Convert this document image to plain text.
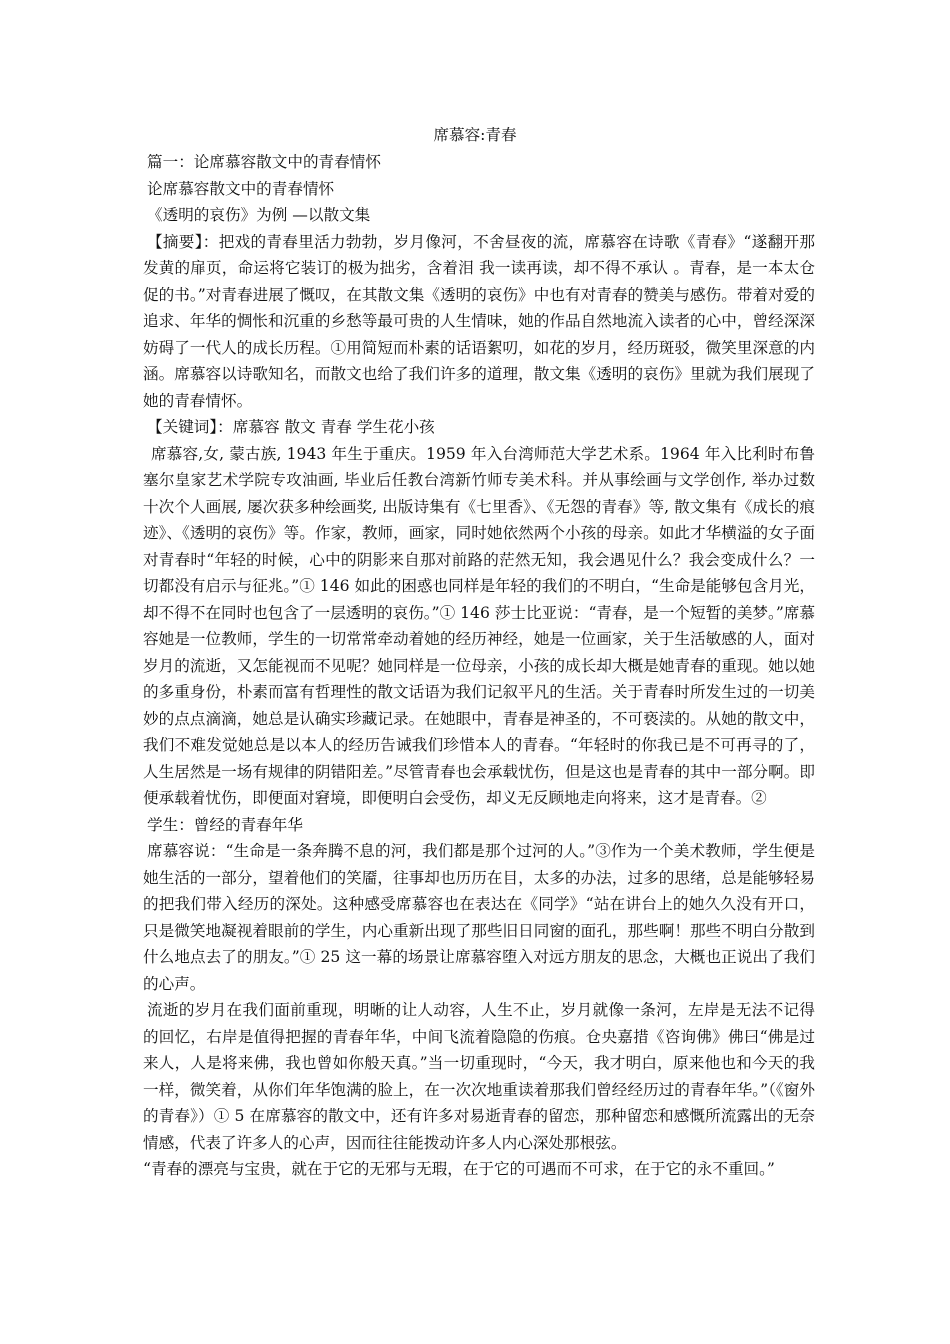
席慕容:青春

篇一：论席慕容散文中的青春情怀

论席慕容散文中的青春情怀

《透明的哀伤》为例 —以散文集

【摘要】：把戏的青春里活力勃勃，岁月像河，不舍昼夜的流，席慕容在诗歌《青春》“遂翻开那发黄的扉页，命运将它装订的极为拙劣，含着泪 我一读再读，却不得不承认 。青春，是一本太仓促的书。”对青春进展了慨叹，在其散文集《透明的哀伤》中也有对青春的赞美与感伤。带着对爱的追求、年华的惆怅和沉重的乡愁等最可贵的人生情味，她的作品自然地流入读者的心中，曾经深深妨碍了一代人的成长历程。①用简短而朴素的话语絮叨，如花的岁月，经历斑驳，微笑里深意的内涵。席慕容以诗歌知名，而散文也给了我们许多的道理，散文集《透明的哀伤》里就为我们展现了她的青春情怀。

【关键词】：席慕容 散文 青春 学生花小孩

席慕容,女, 蒙古族, 1943 年生于重庆。1959 年入台湾师范大学艺术系。1964 年入比利时布鲁塞尔皇家艺术学院专攻油画, 毕业后任教台湾新竹师专美术科。并从事绘画与文学创作, 举办过数十次个人画展, 屡次获多种绘画奖, 出版诗集有《七里香》、《无怨的青春》等, 散文集有《成长的痕迹》、《透明的哀伤》等。作家，教师，画家，同时她依然两个小孩的母亲。如此才华横溢的女子面对青春时“年轻的时候，心中的阴影来自那对前路的茫然无知，我会遇见什么？我会变成什么？一切都没有启示与征兆。”① 146 如此的困惑也同样是年轻的我们的不明白，“生命是能够包含月光，却不得不在同时也包含了一层透明的哀伤。”① 146 莎士比亚说：“青春，是一个短暂的美梦。”席慕容她是一位教师，学生的一切常常牵动着她的经历神经，她是一位画家，关于生活敏感的人，面对岁月的流逝，又怎能视而不见呢？她同样是一位母亲，小孩的成长却大概是她青春的重现。她以她的多重身份，朴素而富有哲理性的散文话语为我们记叙平凡的生活。关于青春时所发生过的一切美妙的点点滴滴，她总是认确实珍藏记录。在她眼中，青春是神圣的，不可亵渎的。从她的散文中，我们不难发觉她总是以本人的经历告诫我们珍惜本人的青春。“年轻时的你我已是不可再寻的了，人生居然是一场有规律的阴错阳差。”尽管青春也会承载忧伤，但是这也是青春的其中一部分啊。即便承载着忧伤，即便面对窘境，即便明白会受伤，却义无反顾地走向将来，这才是青春。②

学生：曾经的青春年华

席慕容说：“生命是一条奔腾不息的河，我们都是那个过河的人。”③作为一个美术教师，学生便是她生活的一部分，望着他们的笑靥，往事却也历历在目，太多的办法，过多的思绪，总是能够轻易的把我们带入经历的深处。这种感受席慕容也在表达在《同学》“站在讲台上的她久久没有开口，只是微笑地凝视着眼前的学生，内心重新出现了那些旧日同窗的面孔，那些啊！那些不明白分散到什么地点去了的朋友。”① 25 这一幕的场景让席慕容堕入对远方朋友的思念，大概也正说出了我们的心声。

流逝的岁月在我们面前重现，明晰的让人动容，人生不止，岁月就像一条河，左岸是无法不记得的回忆，右岸是值得把握的青春年华，中间飞流着隐隐的伤痕。仓央嘉措《咨询佛》佛曰“佛是过来人，人是将来佛，我也曾如你般天真。”当一切重现时，“今天，我才明白，原来他也和今天的我一样，微笑着，从你们年华饱满的脸上，在一次次地重读着那我们曾经经历过的青春年华。”（《窗外的青春》）① 5 在席慕容的散文中，还有许多对易逝青春的留恋，那种留恋和感慨所流露出的无奈情感，代表了许多人的心声，因而往往能拨动许多人内心深处那根弦。

“青春的漂亮与宝贵，就在于它的无邪与无瑕，在于它的可遇而不可求，在于它的永不重回。”
